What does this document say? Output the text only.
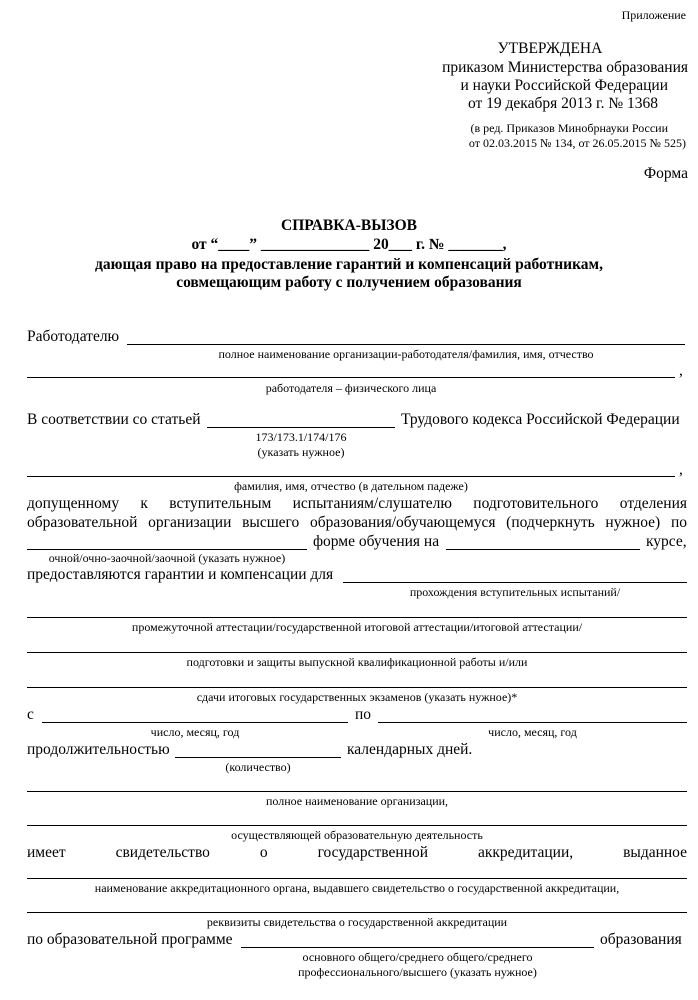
Приложение
УТВЕРЖДЕНА
приказом Министерства образования
и науки Российской Федерации
от 19 декабря 2013 г. № 1368
(в ред. Приказов Минобрнауки России
от 02.03.2015 № 134, от 26.05.2015 № 525)
Форма
СПРАВКА-ВЫЗОВ
от “____” ______________ 20___ г. № _______,
дающая право на предоставление гарантий и компенсаций работникам,
совмещающим работу с получением образования
Работодателю
полное наименование организации-работодателя/фамилия, имя, отчество
,
работодателя – физического лица
В соответствии со статьей	Трудового кодекса Российской Федерации
173/173.1/174/176
(указать нужное)
,
фамилия, имя, отчество (в дательном падеже)
допущенному к вступительным испытаниям/слушателю подготовительного отделения
образовательной организации высшего образования/обучающемуся (подчеркнуть нужное) по
форме обучения на	курсе,
очной/очно-заочной/заочной (указать нужное)
предоставляются гарантии и компенсации для
прохождения вступительных испытаний/
промежуточной аттестации/государственной итоговой аттестации/итоговой аттестации/
подготовки и защиты выпускной квалификационной работы и/или
сдачи итоговых государственных экзаменов (указать нужное)*
с	по
число, месяц, год	число, месяц, год
продолжительностью	календарных дней.
(количество)
полное наименование организации,
осуществляющей образовательную деятельность
имеет свидетельство о государственной аккредитации, выданное
наименование аккредитационного органа, выдавшего свидетельство о государственной аккредитации,
реквизиты свидетельства о государственной аккредитации
по образовательной программе	образования
основного общего/среднего общего/среднего
профессионального/высшего (указать нужное)
